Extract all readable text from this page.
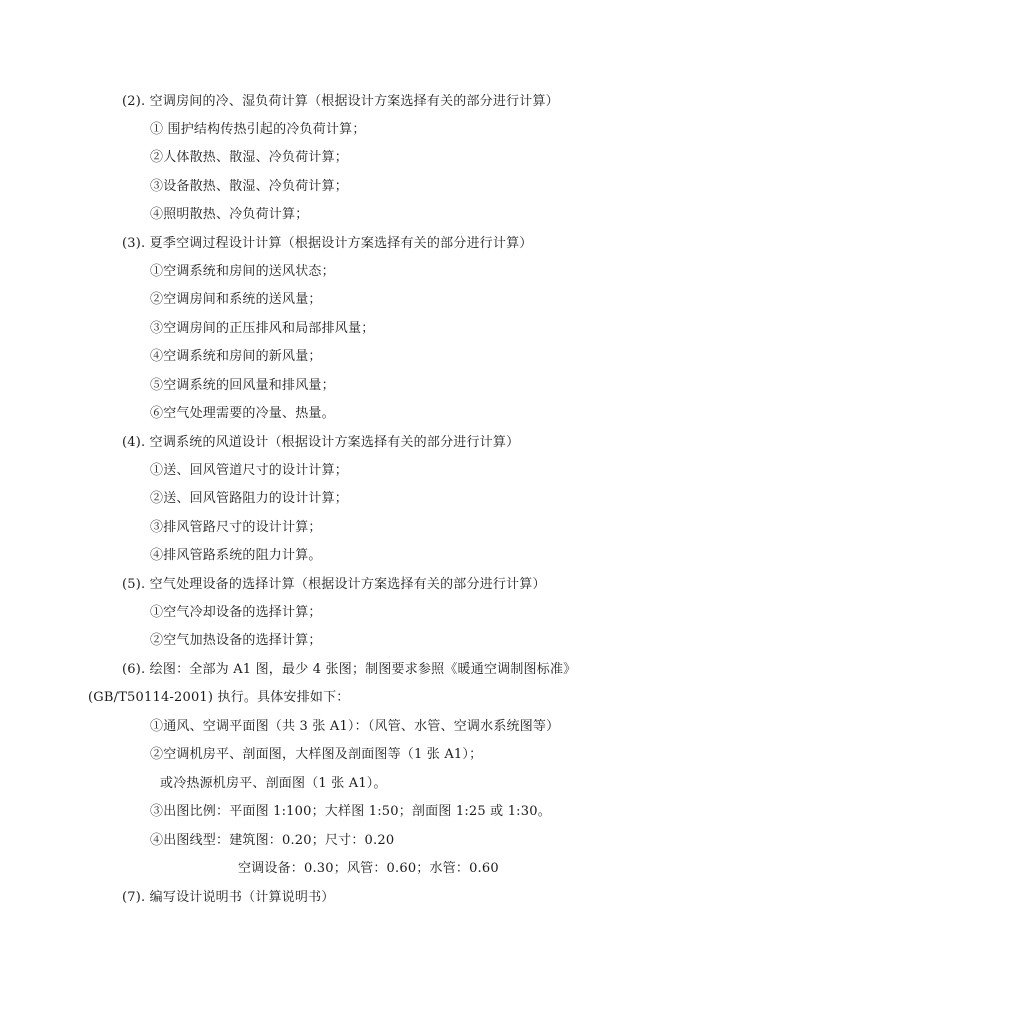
(2). 空调房间的冷、湿负荷计算（根据设计方案选择有关的部分进行计算）
① 围护结构传热引起的冷负荷计算；
②人体散热、散湿、冷负荷计算；
③设备散热、散湿、冷负荷计算；
④照明散热、冷负荷计算；
(3). 夏季空调过程设计计算（根据设计方案选择有关的部分进行计算）
①空调系统和房间的送风状态；
②空调房间和系统的送风量；
③空调房间的正压排风和局部排风量；
④空调系统和房间的新风量；
⑤空调系统的回风量和排风量；
⑥空气处理需要的冷量、热量。
(4). 空调系统的风道设计（根据设计方案选择有关的部分进行计算）
①送、回风管道尺寸的设计计算；
②送、回风管路阻力的设计计算；
③排风管路尺寸的设计计算；
④排风管路系统的阻力计算。
(5). 空气处理设备的选择计算（根据设计方案选择有关的部分进行计算）
①空气冷却设备的选择计算；
②空气加热设备的选择计算；
(6). 绘图：全部为 A1 图，最少 4 张图；制图要求参照《暖通空调制图标准》
(GB/T50114-2001) 执行。具体安排如下：
①通风、空调平面图（共 3 张 A1）：（风管、水管、空调水系统图等）
②空调机房平、剖面图，大样图及剖面图等（1 张 A1）；
或冷热源机房平、剖面图（1 张 A1）。
③出图比例：平面图 1:100；大样图 1:50；剖面图 1:25 或 1:30。
④出图线型：建筑图：0.20；尺寸：0.20
空调设备：0.30；风管：0.60；水管：0.60
(7). 编写设计说明书（计算说明书）
